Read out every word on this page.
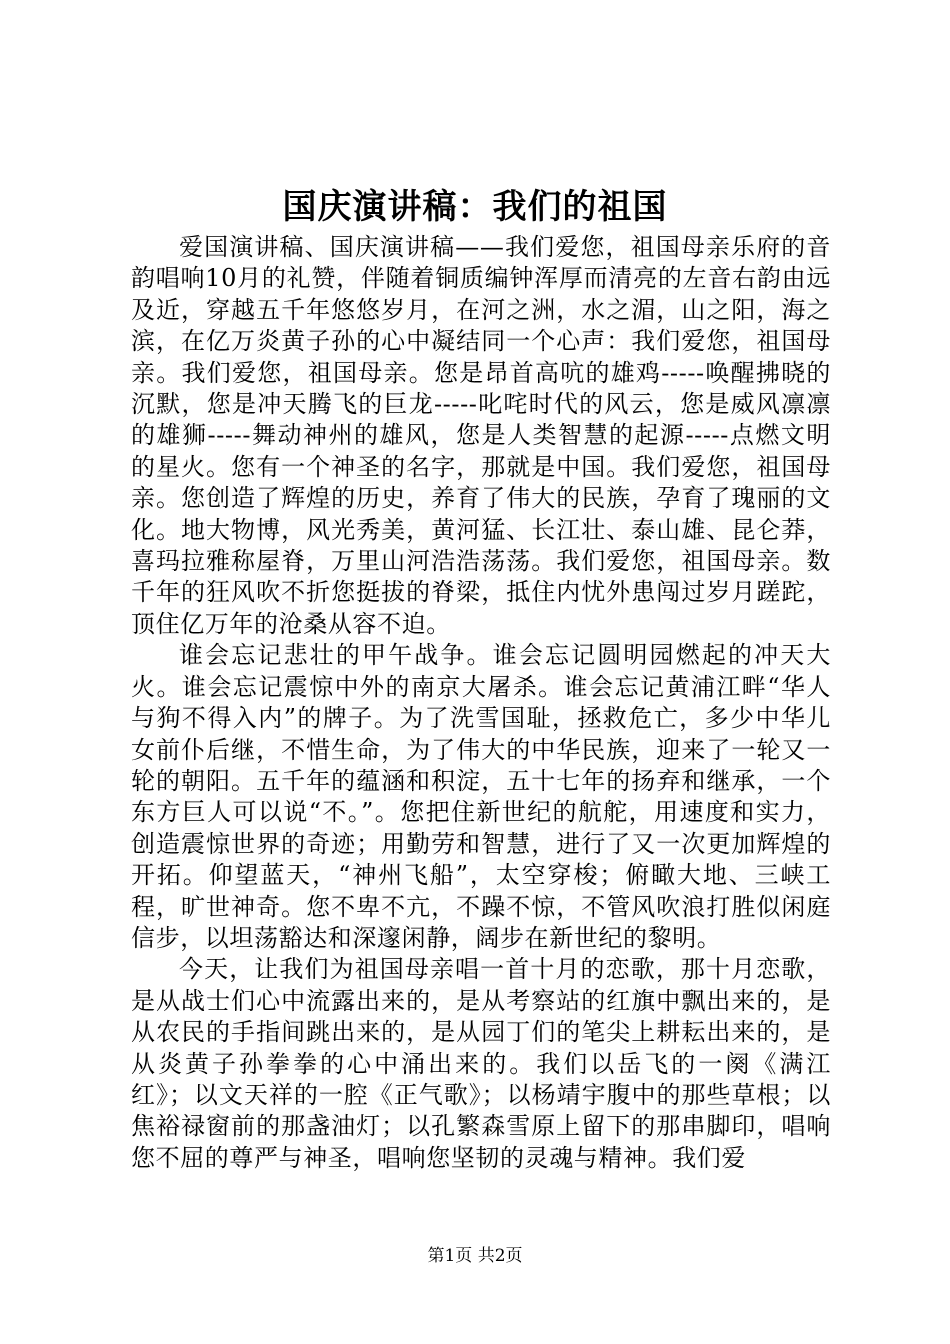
国庆演讲稿：我们的祖国

爱国演讲稿、国庆演讲稿——我们爱您，祖国母亲乐府的音韵唱响10月的礼赞，伴随着铜质编钟浑厚而清亮的左音右韵由远及近，穿越五千年悠悠岁月，在河之洲，水之湄，山之阳，海之滨，在亿万炎黄子孙的心中凝结同一个心声：我们爱您，祖国母亲。我们爱您，祖国母亲。您是昂首高吭的雄鸡-----唤醒拂晓的沉默，您是冲天腾飞的巨龙-----叱咤时代的风云，您是威风凛凛的雄狮-----舞动神州的雄风，您是人类智慧的起源-----点燃文明的星火。您有一个神圣的名字，那就是中国。我们爱您，祖国母亲。您创造了辉煌的历史，养育了伟大的民族，孕育了瑰丽的文化。地大物博，风光秀美，黄河猛、长江壮、泰山雄、昆仑莽，喜玛拉雅称屋脊，万里山河浩浩荡荡。我们爱您，祖国母亲。数千年的狂风吹不折您挺拔的脊梁，抵住内忧外患闯过岁月蹉跎，顶住亿万年的沧桑从容不迫。

谁会忘记悲壮的甲午战争。谁会忘记圆明园燃起的冲天大火。谁会忘记震惊中外的南京大屠杀。谁会忘记黄浦江畔“华人与狗不得入内”的牌子。为了洗雪国耻，拯救危亡，多少中华儿女前仆后继，不惜生命，为了伟大的中华民族，迎来了一轮又一轮的朝阳。五千年的蕴涵和积淀，五十七年的扬弃和继承，一个东方巨人可以说“不。”。您把住新世纪的航舵，用速度和实力，创造震惊世界的奇迹；用勤劳和智慧，进行了又一次更加辉煌的开拓。仰望蓝天，“神州飞船”，太空穿梭；俯瞰大地、三峡工程，旷世神奇。您不卑不亢，不躁不惊，不管风吹浪打胜似闲庭信步，以坦荡豁达和深邃闲静，阔步在新世纪的黎明。

今天，让我们为祖国母亲唱一首十月的恋歌，那十月恋歌，是从战士们心中流露出来的，是从考察站的红旗中飘出来的，是从农民的手指间跳出来的，是从园丁们的笔尖上耕耘出来的，是从炎黄子孙拳拳的心中涌出来的。我们以岳飞的一阕《满江红》；以文天祥的一腔《正气歌》；以杨靖宇腹中的那些草根；以焦裕禄窗前的那盏油灯；以孔繁森雪原上留下的那串脚印，唱响您不屈的尊严与神圣，唱响您坚韧的灵魂与精神。我们爱

第1页 共2页
